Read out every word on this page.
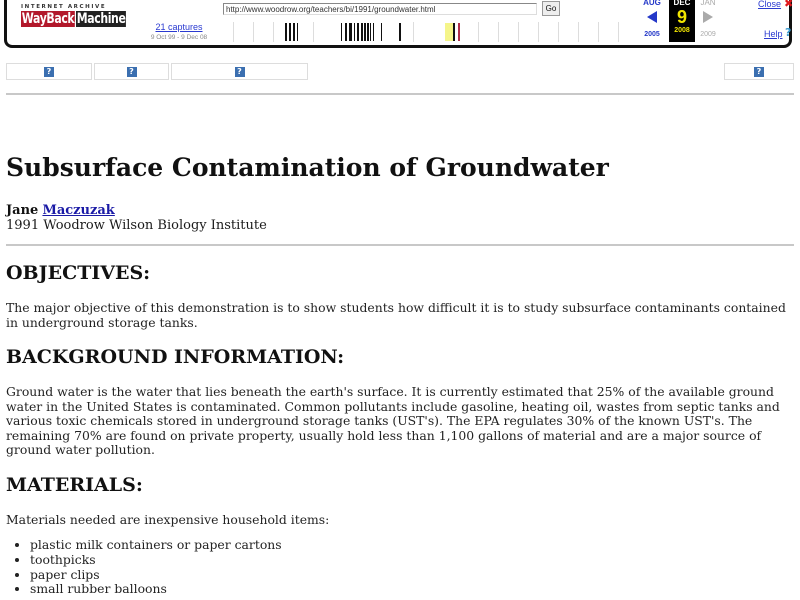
INTERNET ARCHIVE
WayBack Machine	21 captures
9 Oct 99 - 9 Dec 08
http://www.woodrow.org/teachers/bi/1991/groundwater.html	Go
AUG
2005
DEC
9
2008
JAN
2009
Close ✖
Help ?
?	?	?	?
Subsurface Contamination of Groundwater
Jane Maczuzak
1991 Woodrow Wilson Biology Institute
OBJECTIVES:

The major objective of this demonstration is to show students how difficult it is to study subsurface contaminants contained in underground storage tanks.

BACKGROUND INFORMATION:

Ground water is the water that lies beneath the earth's surface. It is currently estimated that 25% of the available ground water in the United States is contaminated. Common pollutants include gasoline, heating oil, wastes from septic tanks and various toxic chemicals stored in underground storage tanks (UST's). The EPA regulates 30% of the known UST's. The remaining 70% are found on private property, usually hold less than 1,100 gallons of material and are a major source of ground water pollution.

MATERIALS:

Materials needed are inexpensive household items:

• plastic milk containers or paper cartons
• toothpicks
• paper clips
• small rubber balloons
